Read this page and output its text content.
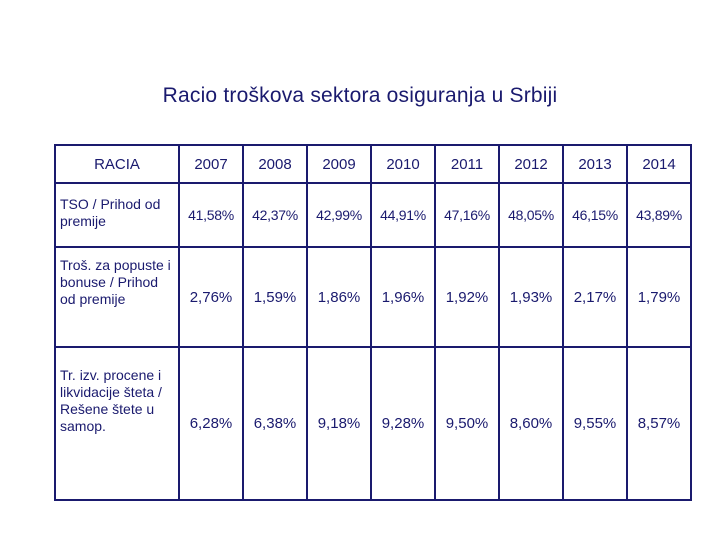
Racio troškova sektora osiguranja u Srbiji
RACIA	2007	2008	2009	2010	2011	2012	2013	2014
TSO / Prihod od premije	41,58%	42,37%	42,99%	44,91%	47,16%	48,05%	46,15%	43,89%
Troš. za popuste i bonuse / Prihod od premije	2,76%	1,59%	1,86%	1,96%	1,92%	1,93%	2,17%	1,79%
Tr. izv. procene i likvidacije šteta / Rešene štete u samop.	6,28%	6,38%	9,18%	9,28%	9,50%	8,60%	9,55%	8,57%
